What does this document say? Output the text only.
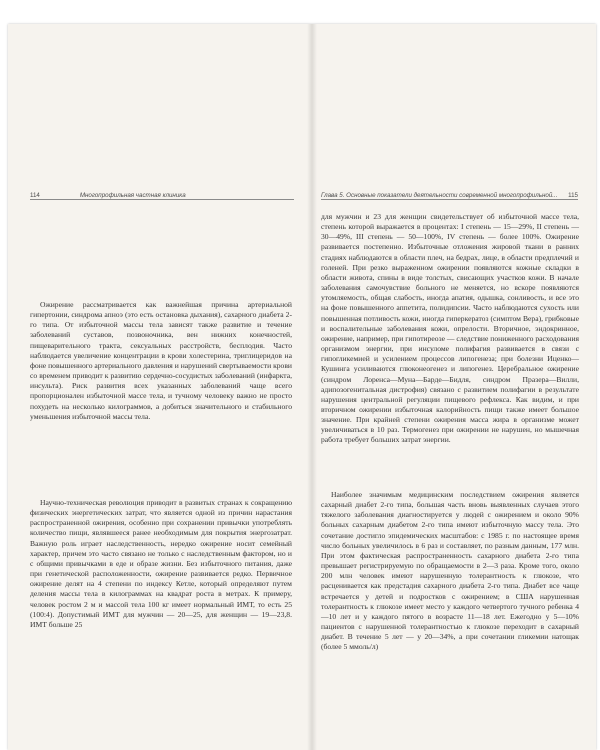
114	Многопрофильная частная клиника

Ожирение рассматривается как важнейшая причина артериальной гипертонии, синдрома апноэ (это есть остановка дыхания), сахарного диабета 2-го типа. От избыточной массы тела зависят также развитие и течение заболеваний суставов, позвоночника, вен нижних конечностей, пищеварительного тракта, сексуальных расстройств, бесплодия. Часто наблюдается увеличение концентрации в крови холестерина, триглицеридов на фоне повышенного артериального давления и нарушений свертываемости крови со временем приводит к развитию сердечно-сосудистых заболеваний (инфаркта, инсульта). Риск развития всех указанных заболеваний чаще всего пропорционален избыточной массе тела, и тучному человеку важно не просто похудеть на несколько килограммов, а добиться значительного и стабильного уменьшения избыточной массы тела.

Научно-техническая революция приводит в развитых странах к сокращению физических энергетических затрат, что является одной из причин нарастания распространенной ожирения, особенно при сохранении привычки употреблять количество пищи, являвшееся ранее необходимым для покрытия энергозатрат. Важную роль играет наследственность, нередко ожирение носит семейный характер, причем это часто связано не только с наследственным фактором, но и с общими привычками в еде и образе жизни. Без избыточного питания, даже при генетической расположенности, ожирение развивается редко. Первичное ожирение делят на 4 степени по индексу Кетле, который определяют путем деления массы тела в килограммах на квадрат роста в метрах. К примеру, человек ростом 2 м и массой тела 100 кг имеет нормальный ИМТ, то есть 25 (100:4). Допустимый ИМТ для мужчин — 20—25, для женщин — 19—23,8. ИМТ больше 25

Глава 5. Основные показатели деятельности современной многопрофильной... 115

для мужчин и 23 для женщин свидетельствует об избыточной массе тела, степень которой выражается в процентах: I степень — 15—29%, II степень — 30—49%, III степень — 50—100%, IV степень — более 100%. Ожирение развивается постепенно. Избыточные отложения жировой ткани в ранних стадиях наблюдаются в области плеч, на бедрах, лице, в области предплечий и голеней. При резко выраженном ожирении появляются кожные складки в области живота, спины в виде толстых, свисающих участков кожи. В начале заболевания самочувствие больного не меняется, но вскоре появляются утомляемость, общая слабость, иногда апатия, одышка, сонливость, и все это на фоне повышенного аппетита, полидипсии. Часто наблюдаются сухость или повышенная потливость кожи, иногда гиперкератоз (симптом Вера), грибковые и воспалительные заболевания кожи, опрелости. Вторичное, эндокринное, ожирение, например, при гипотиреозе — следствие пониженного расходования организмом энергии, при инсуломе полифагия развивается в связи с гипогликемией и усилением процессов липогенеза; при болезни Иценко—Кушинга усиливаются глюконеогенез и липогенез. Церебральное ожирение (синдром Лоренса—Муна—Барде—Бидля, синдром Празера—Вилли, адипозогенитальная дистрофия) связано с развитием полифагии в результате нарушения центральной регуляции пищевого рефлекса. Как видим, и при вторичном ожирении избыточная калорийность пищи также имеет большое значение. При крайней степени ожирения масса жира в организме может увеличиваться в 10 раз. Термогенез при ожирении не нарушен, но мышечная работа требует больших затрат энергии.

Наиболее значимым медицинским последствием ожирения является сахарный диабет 2-го типа, большая часть вновь выявленных случаев этого тяжелого заболевания диагностируется у людей с ожирением и около 90% больных сахарным диабетом 2-го типа имеют избыточную массу тела. Это сочетание достигло эпидемических масштабов: с 1985 г. по настоящее время число больных увеличилось в 6 раз и составляет, по разным данным, 177 млн. При этом фактическая распространенность сахарного диабета 2-го типа превышает регистрируемую по обращаемости в 2—3 раза. Кроме того, около 200 млн человек имеют нарушенную толерантность к глюкозе, что расценивается как предстадия сахарного диабета 2-го типа. Диабет все чаще встречается у детей и подростков с ожирением; в США нарушенная толерантность к глюкозе имеет место у каждого четвертого тучного ребенка 4—10 лет и у каждого пятого в возрасте 11—18 лет. Ежегодно у 5—10% пациентов с нарушенной толерантностью к глюкозе переходит в сахарный диабет. В течение 5 лет — у 20—34%, а при сочетании гликемии натощак (более 5 ммоль/л)
